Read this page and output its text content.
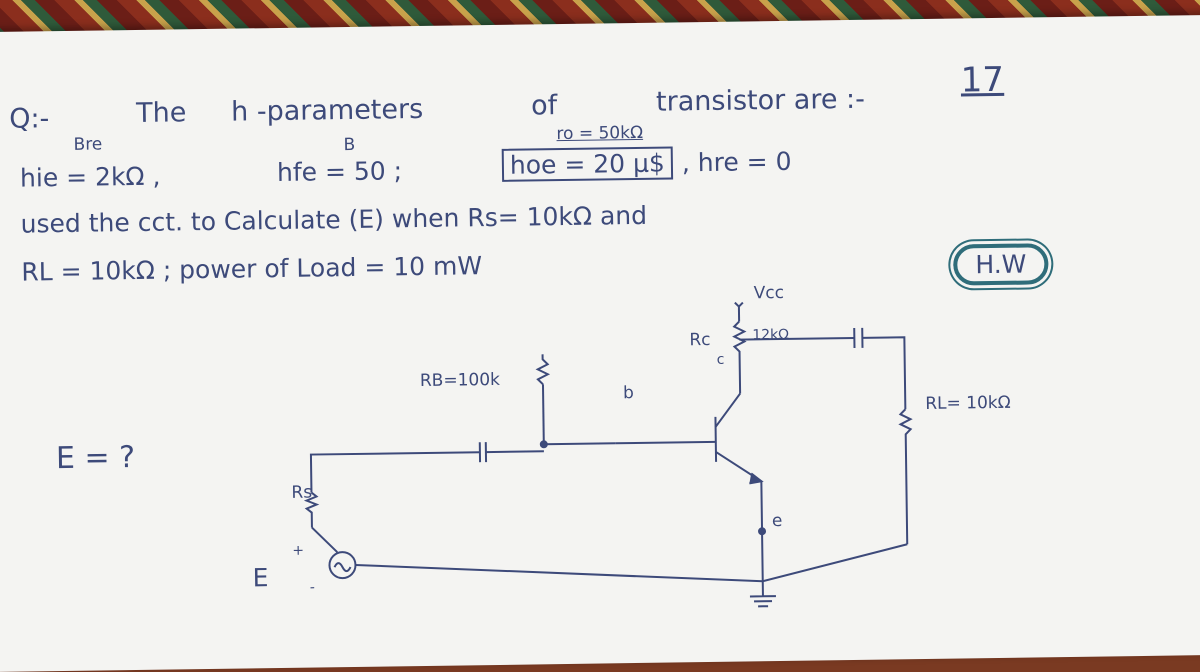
Q:-	The h -parameters	of	transistor are :-
17
Bre	B
ro = 50kΩ
hie = 2kΩ ,	hfe = 50 ;	hoe = 20 μ$ , hre = 0
used the cct. to Calculate (E) when Rs= 10kΩ and
RL = 10kΩ ; power of Load = 10 mW	H.W
E = ?
Vcc
Rc	12kΩ
c
RB=100k
b	RL= 10kΩ
Rs
e
E
+
-
